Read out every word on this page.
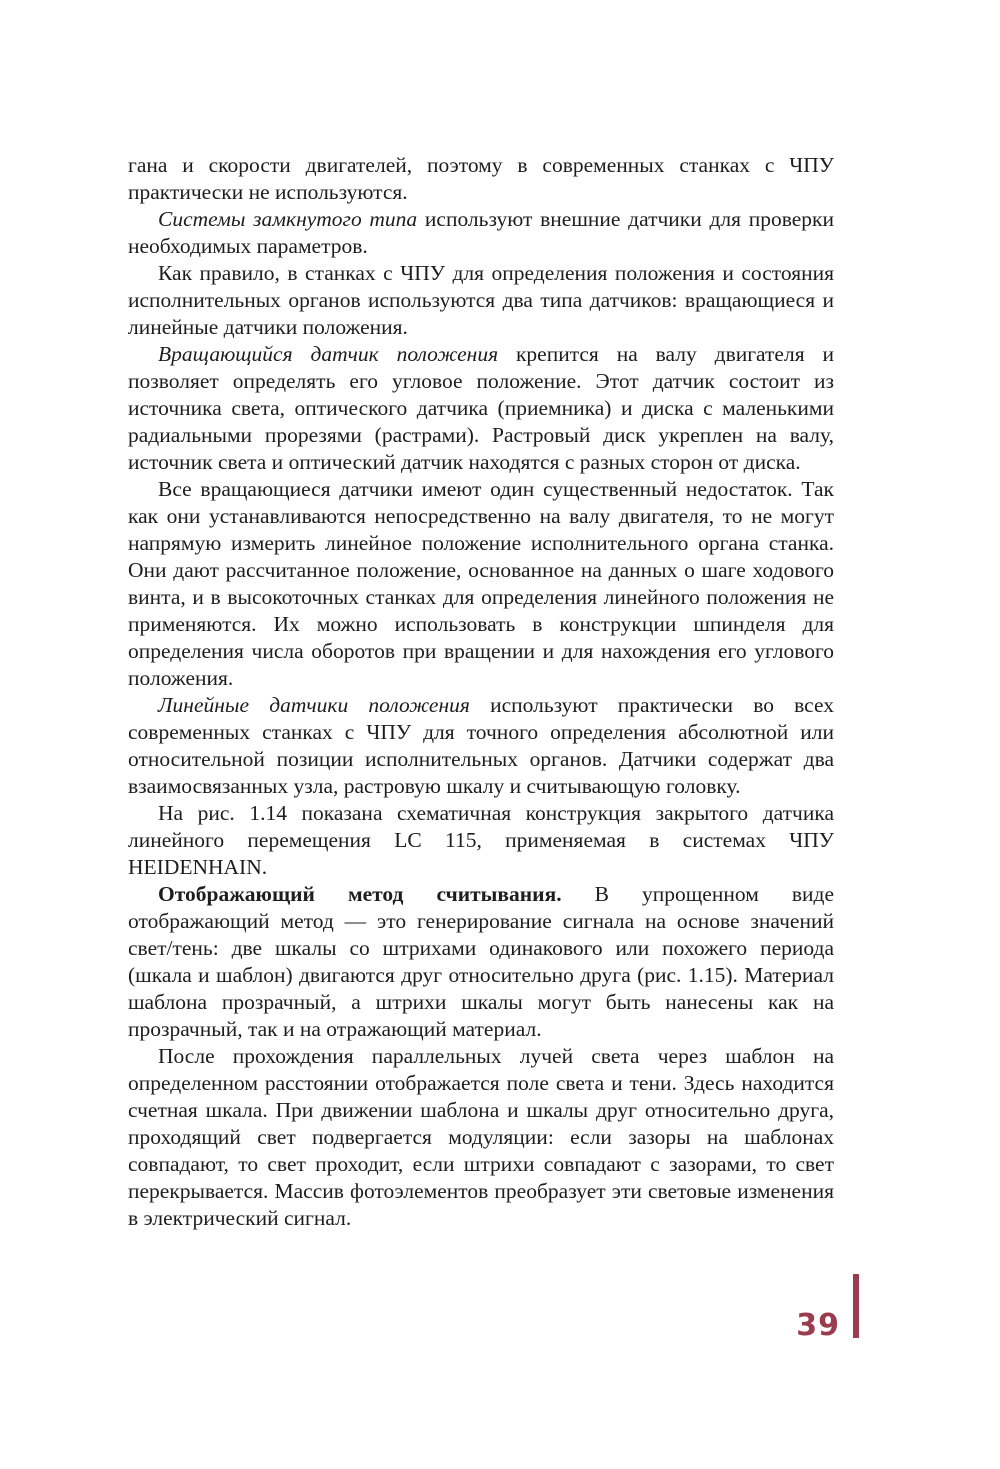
гана и скорости двигателей, поэтому в современных станках с ЧПУ практически не используются.

Системы замкнутого типа используют внешние датчики для проверки необходимых параметров.

Как правило, в станках с ЧПУ для определения положения и состояния исполнительных органов используются два типа датчиков: вращающиеся и линейные датчики положения.

Вращающийся датчик положения крепится на валу двигателя и позволяет определять его угловое положение. Этот датчик состоит из источника света, оптического датчика (приемника) и диска с маленькими радиальными прорезями (растрами). Растровый диск укреплен на валу, источник света и оптический датчик находятся с разных сторон от диска.

Все вращающиеся датчики имеют один существенный недостаток. Так как они устанавливаются непосредственно на валу двигателя, то не могут напрямую измерить линейное положение исполнительного органа станка. Они дают рассчитанное положение, основанное на данных о шаге ходового винта, и в высокоточных станках для определения линейного положения не применяются. Их можно использовать в конструкции шпинделя для определения числа оборотов при вращении и для нахождения его углового положения.

Линейные датчики положения используют практически во всех современных станках с ЧПУ для точного определения абсолютной или относительной позиции исполнительных органов. Датчики содержат два взаимосвязанных узла, растровую шкалу и считывающую головку.

На рис. 1.14 показана схематичная конструкция закрытого датчика линейного перемещения LC 115, применяемая в системах ЧПУ HEIDENHAIN.

Отображающий метод считывания. В упрощенном виде отображающий метод — это генерирование сигнала на основе значений свет/тень: две шкалы со штрихами одинакового или похожего периода (шкала и шаблон) двигаются друг относительно друга (рис. 1.15). Материал шаблона прозрачный, а штрихи шкалы могут быть нанесены как на прозрачный, так и на отражающий материал.

После прохождения параллельных лучей света через шаблон на определенном расстоянии отображается поле света и тени. Здесь находится счетная шкала. При движении шаблона и шкалы друг относительно друга, проходящий свет подвергается модуляции: если зазоры на шаблонах совпадают, то свет проходит, если штрихи совпадают с зазорами, то свет перекрывается. Массив фотоэлементов преобразует эти световые изменения в электрический сигнал.

39
